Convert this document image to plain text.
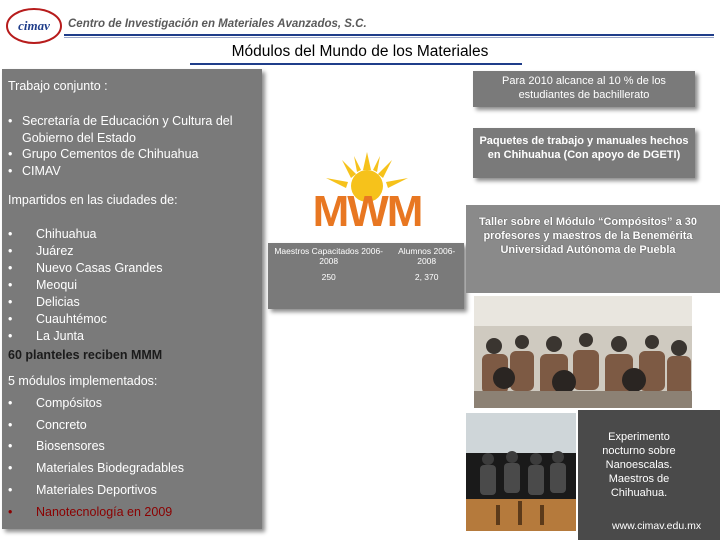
cimav Centro de Investigación en Materiales Avanzados, S.C.
Módulos del Mundo de los Materiales
Trabajo conjunto :
• Secretaría de Educación y Cultura del Gobierno del Estado
• Grupo Cementos de Chihuahua
• CIMAV
Impartidos en las ciudades de:
• Chihuahua
• Juárez
• Nuevo Casas Grandes
• Meoqui
• Delicias
• Cuauhtémoc
• La Junta
60 planteles reciben MMM
5 módulos implementados:
• Compósitos
• Concreto
• Biosensores
• Materiales Biodegradables
• Materiales Deportivos
• Nanotecnología en 2009
MWM
Maestros Capacitados 2006-2008	Alumnos 2006-2008
250	2, 370
Para 2010 alcance al 10 % de los estudiantes de bachillerato
Paquetes de trabajo y manuales hechos en Chihuahua (Con apoyo de DGETI)
Taller sobre el Módulo “Compósitos” a 30 profesores y maestros de la Benemérita Universidad Autónoma de Puebla
Experimento nocturno sobre Nanoescalas. Maestros de Chihuahua.
www.cimav.edu.mx
